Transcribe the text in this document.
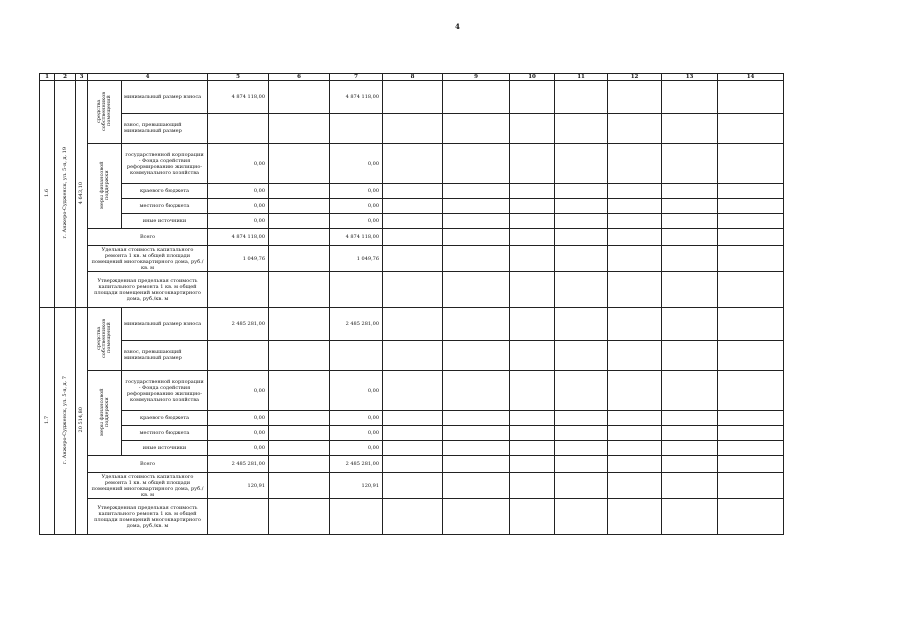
4
1	2	3	4		5	6	7	8	9	10	11	12	13	14	
1.6	г. Анжеро-Судженск, ул. 5-я, д. 19	4 643,10	средства собственников помещений	минимальный размер взноса	4 874 118,00		4 874 118,00								
				взнос, превышающий минимальный размер											
			меры финансовой поддержки	государственной корпорации - Фонда содействия реформированию жилищно-коммунального хозяйства	0,00		0,00								
				краевого бюджета	0,00		0,00								
				местного бюджета	0,00		0,00								
				иные источники	0,00		0,00								
			Всего		4 874 118,00		4 874 118,00								
			Удельная стоимость капитального ремонта 1 кв. м общей площади помещений многоквартирного дома, руб./кв. м		1 049,76		1 049,76								
			Утвержденная предельная стоимость капитального ремонта 1 кв. м общей площади помещений многоквартирного дома, руб./кв. м												
1.7	г. Анжеро-Судженск, ул. 5-я, д. 7	20 514,80	средства собственников помещений	минимальный размер взноса	2 485 281,00		2 485 281,00								
				взнос, превышающий минимальный размер											
			меры финансовой поддержки	государственной корпорации - Фонда содействия реформированию жилищно-коммунального хозяйства	0,00		0,00								
				краевого бюджета	0,00		0,00								
				местного бюджета	0,00		0,00								
				иные источники	0,00		0,00								
			Всего		2 485 281,00		2 485 281,00								
			Удельная стоимость капитального ремонта 1 кв. м общей площади помещений многоквартирного дома, руб./кв. м		120,91		120,91								
			Утвержденная предельная стоимость капитального ремонта 1 кв. м общей площади помещений многоквартирного дома, руб./кв. м												
